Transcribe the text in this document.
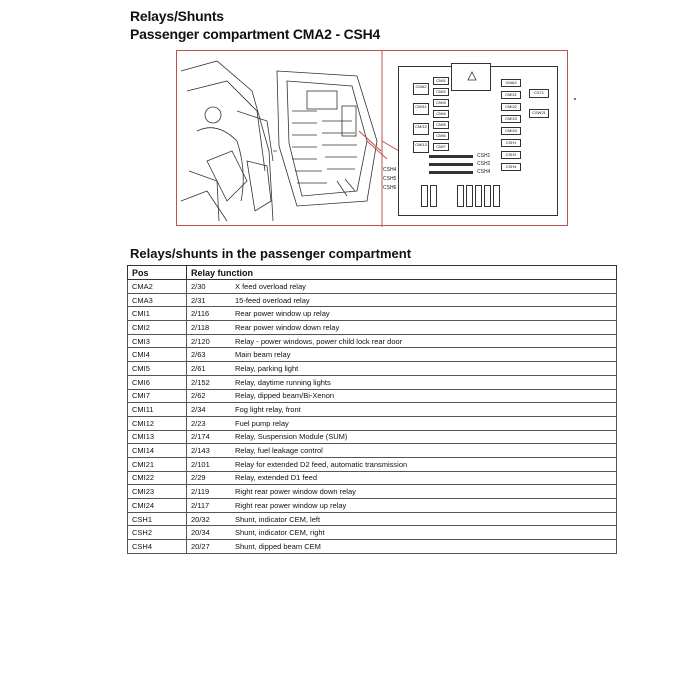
Relays/Shunts
Passenger compartment CMA2 - CSH4
CSH4
CSH5
CSH6
CMA2
CMI11
CMI12
CMI13
CMI1
CMI2
CMI3
CMI4
CMI5
CMI6
CMI7
CMA3
CMI21
CMI22
CMI23
CMI24
CSH1
CSH2
CSH4
CS71
CSW21
CSH1
CSH2
CSH4
Relays/shunts in the passenger compartment
Pos	Relay function	
CMA2	2/30	X feed overload relay
CMA3	2/31	15-feed overload relay
CMI1	2/116	Rear power window up relay
CMI2	2/118	Rear power window down relay
CMI3	2/120	Relay - power windows, power child lock rear door
CMI4	2/63	Main beam relay
CMI5	2/61	Relay, parking light
CMI6	2/152	Relay, daytime running lights
CMI7	2/62	Relay, dipped beam/Bi-Xenon
CMI11	2/34	Fog light relay, front
CMI12	2/23	Fuel pump relay
CMI13	2/174	Relay, Suspension Module (SUM)
CMI14	2/143	Relay, fuel leakage control
CMI21	2/101	Relay for extended D2 feed, automatic transmission
CMI22	2/29	Relay, extended D1 feed
CMI23	2/119	Right rear power window down relay
CMI24	2/117	Right rear power window up relay
CSH1	20/32	Shunt, indicator CEM, left
CSH2	20/34	Shunt, indicator CEM, right
CSH4	20/27	Shunt, dipped beam CEM
